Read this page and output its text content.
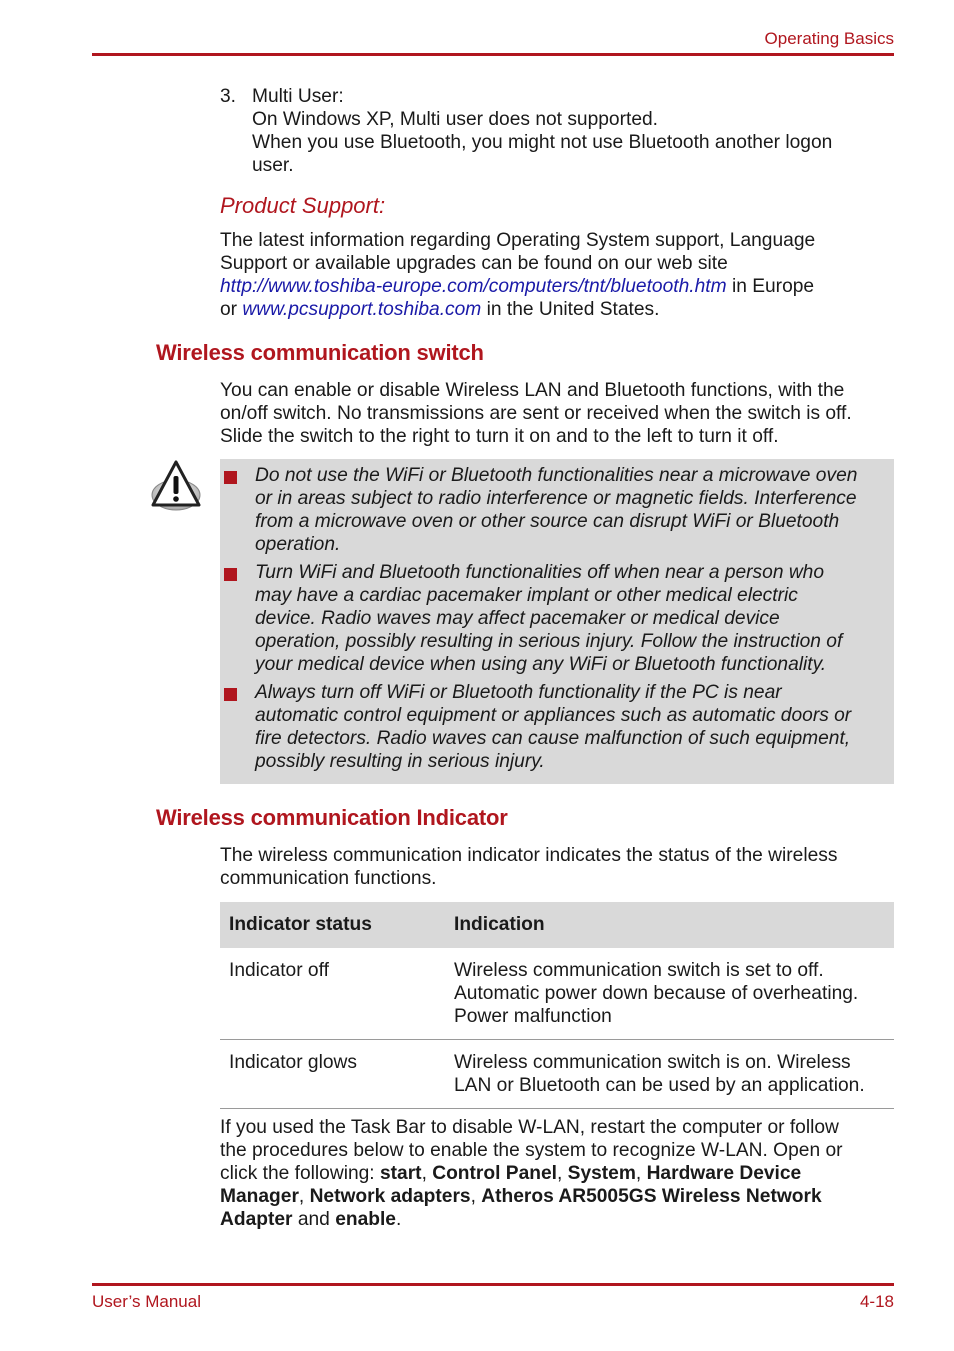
Operating Basics
3. Multi User:
On Windows XP, Multi user does not supported.
When you use Bluetooth, you might not use Bluetooth another logon
user.
Product Support:
The latest information regarding Operating System support, Language
Support or available upgrades can be found on our web site
http://www.toshiba-europe.com/computers/tnt/bluetooth.htm in Europe
or www.pcsupport.toshiba.com in the United States.
Wireless communication switch
You can enable or disable Wireless LAN and Bluetooth functions, with the
on/off switch. No transmissions are sent or received when the switch is off.
Slide the switch to the right to turn it on and to the left to turn it off.
Do not use the WiFi or Bluetooth functionalities near a microwave oven
or in areas subject to radio interference or magnetic fields. Interference
from a microwave oven or other source can disrupt WiFi or Bluetooth
operation.
Turn WiFi and Bluetooth functionalities off when near a person who
may have a cardiac pacemaker implant or other medical electric
device. Radio waves may affect pacemaker or medical device
operation, possibly resulting in serious injury. Follow the instruction of
your medical device when using any WiFi or Bluetooth functionality.
Always turn off WiFi or Bluetooth functionality if the PC is near
automatic control equipment or appliances such as automatic doors or
fire detectors. Radio waves can cause malfunction of such equipment,
possibly resulting in serious injury.
Wireless communication Indicator
The wireless communication indicator indicates the status of the wireless
communication functions.
Indicator status	Indication
Indicator off	Wireless communication switch is set to off.
Automatic power down because of overheating.
Power malfunction
Indicator glows	Wireless communication switch is on. Wireless
LAN or Bluetooth can be used by an application.
If you used the Task Bar to disable W-LAN, restart the computer or follow
the procedures below to enable the system to recognize W-LAN. Open or
click the following: start, Control Panel, System, Hardware Device
Manager, Network adapters, Atheros AR5005GS Wireless Network
Adapter and enable.
User’s Manual	4-18
